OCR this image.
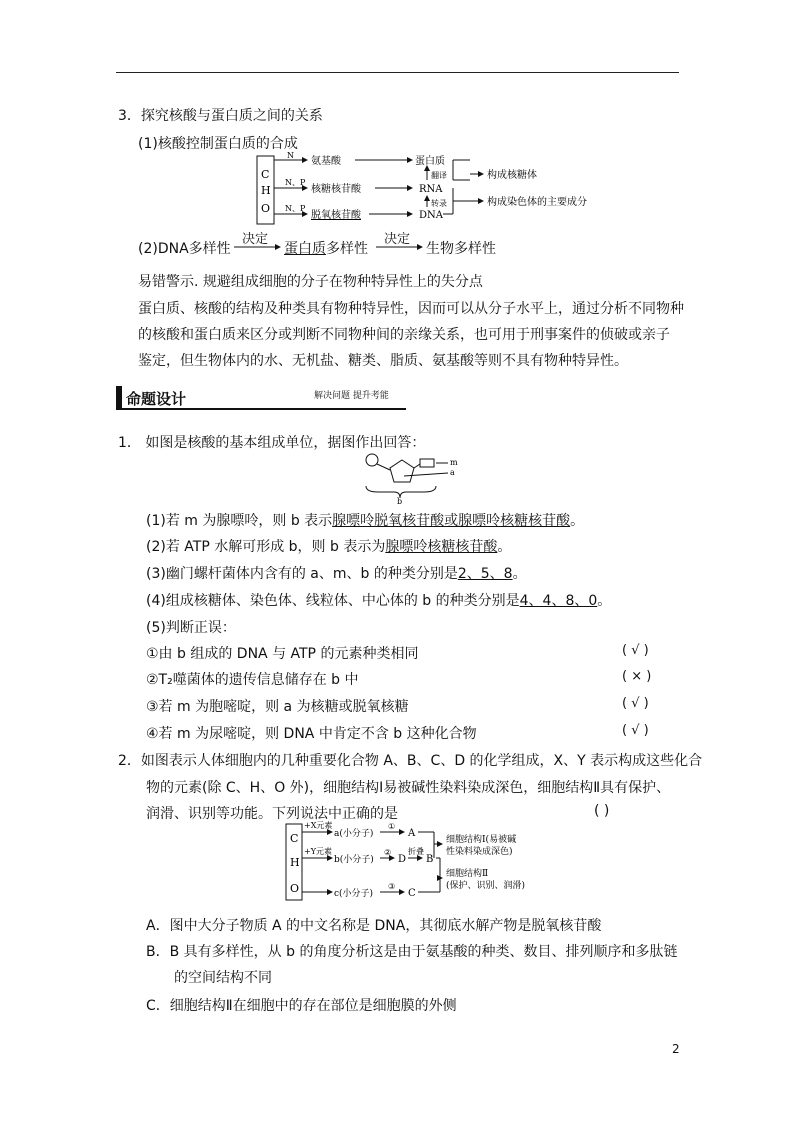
3．探究核酸与蛋白质之间的关系
(1)核酸控制蛋白质的合成
C
H
O
N
氨基酸	蛋白质
构成核糖体
N、P
核糖核苷酸	RNA
翻译
N、P
脱氧核苷酸	DNA
转录	构成染色体的主要成分
(2)DNA多样性
决定
蛋白质 多样性
决定
生物多样性
易错警示. 规避组成细胞的分子在物种特异性上的失分点
蛋白质、核酸的结构及种类具有物种特异性，因而可以从分子水平上，通过分析不同物种
的核酸和蛋白质来区分或判断不同物种间的亲缘关系，也可用于刑事案件的侦破或亲子
鉴定，但生物体内的水、无机盐、糖类、脂质、氨基酸等则不具有物种特异性。
命题设计	解决问题 提升考能
1． 如图是核酸的基本组成单位，据图作出回答：
m
a
b
(1)若 m 为腺嘌呤，则 b 表示腺嘌呤脱氧核苷酸或腺嘌呤核糖核苷酸。
(2)若 ATP 水解可形成 b，则 b 表示为腺嘌呤核糖核苷酸。
(3)幽门螺杆菌体内含有的 a、m、b 的种类分别是2、5、8。
(4)组成核糖体、染色体、线粒体、中心体的 b 的种类分别是4、4、8、0。
(5)判断正误：
①由 b 组成的 DNA 与 ATP 的元素种类相同	( √ )
②T₂噬菌体的遗传信息储存在 b 中	( × )
③若 m 为胞嘧啶，则 a 为核糖或脱氧核糖	( √ )
④若 m 为尿嘧啶，则 DNA 中肯定不含 b 这种化合物	( √ )
2．如图表示人体细胞内的几种重要化合物 A、B、C、D 的化学组成，X、Y 表示构成这些化合
物的元素(除 C、H、O 外)，细胞结构Ⅰ易被碱性染料染成深色，细胞结构Ⅱ具有保护、
润滑、识别等功能。下列说法中正确的是	( )
C
H
O
+X元素
a(小分子)
①
A
+Y元素
b(小分子)
②
D
折叠
B
c(小分子)
③
C
细胞结构Ⅰ(易被碱
性染料染成深色)
细胞结构Ⅱ
(保护、识别、润滑)
A．图中大分子物质 A 的中文名称是 DNA，其彻底水解产物是脱氧核苷酸
B．B 具有多样性，从 b 的角度分析这是由于氨基酸的种类、数目、排列顺序和多肽链
的空间结构不同
C．细胞结构Ⅱ在细胞中的存在部位是细胞膜的外侧
2
